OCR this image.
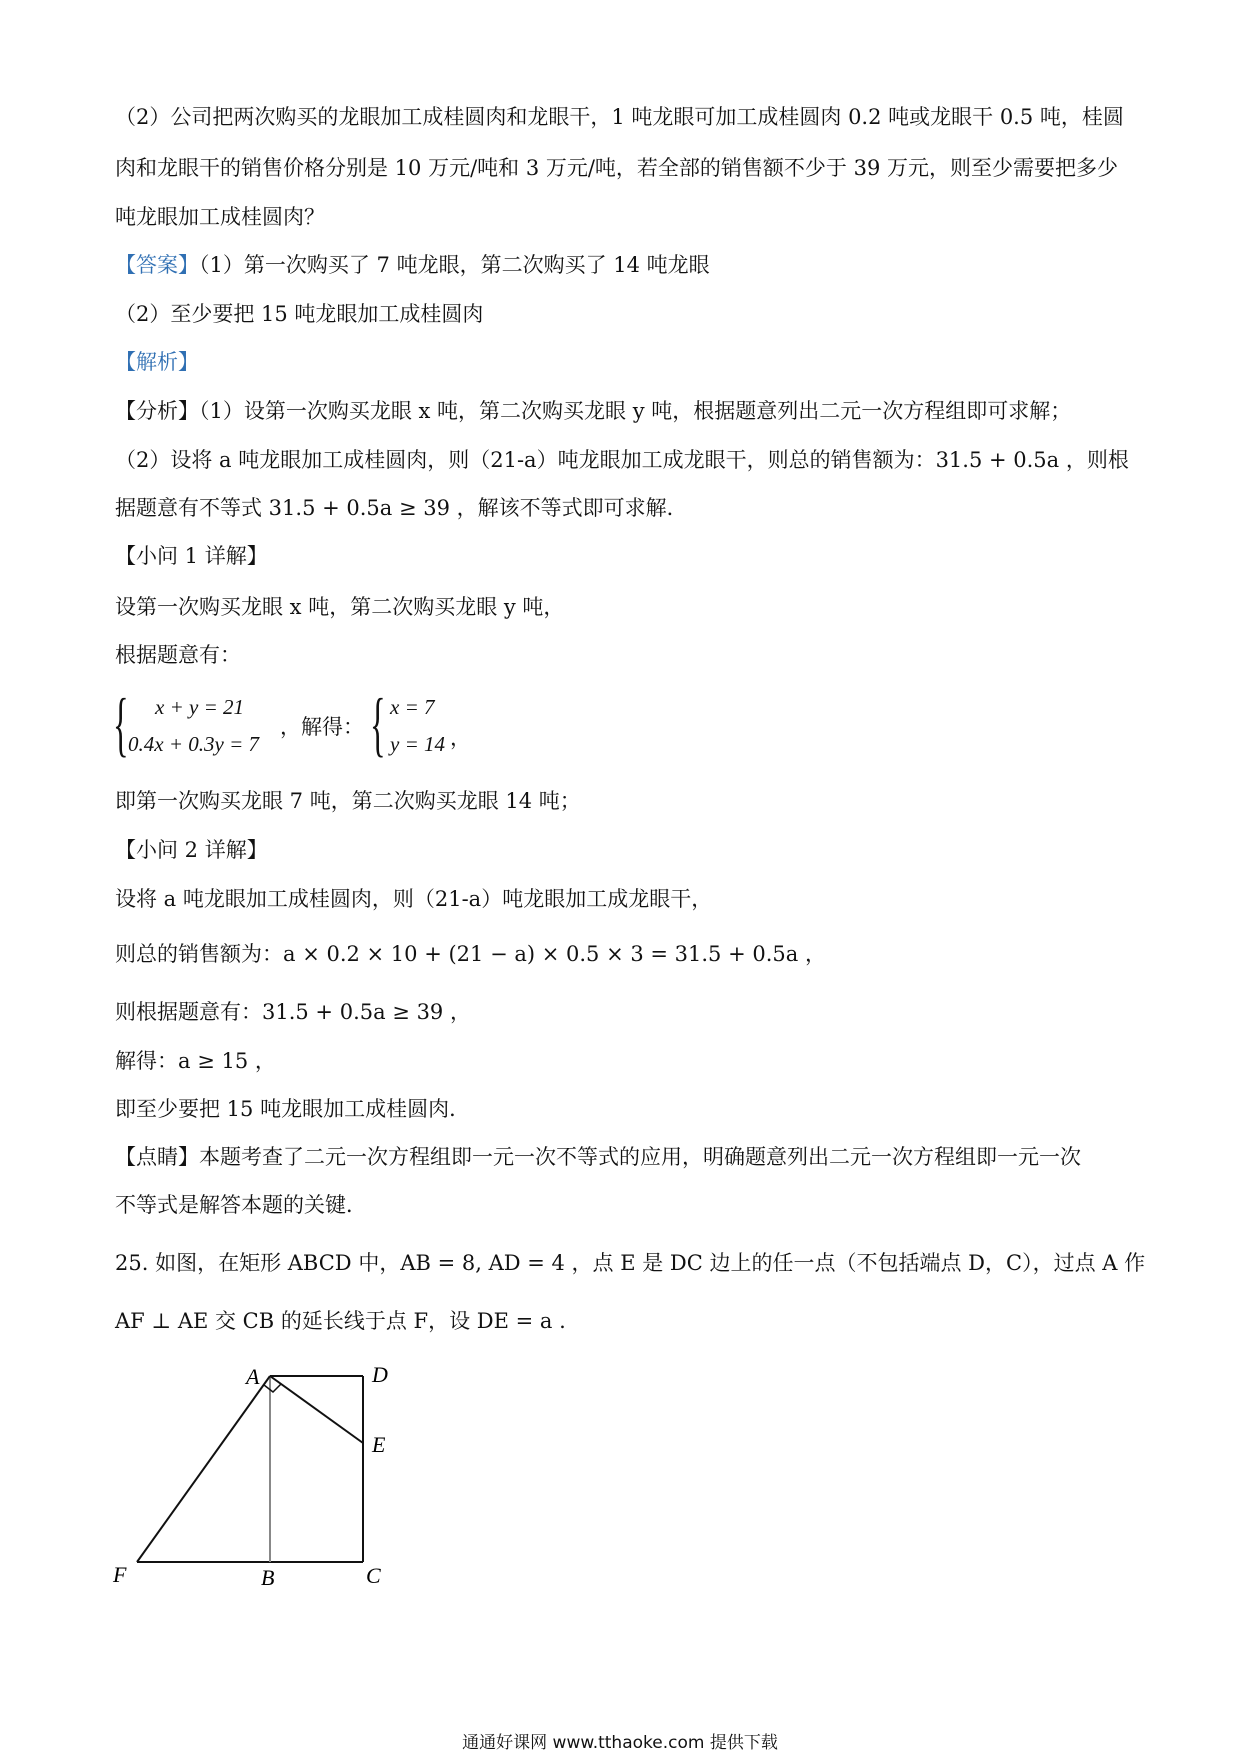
（2）公司把两次购买的龙眼加工成桂圆肉和龙眼干，1 吨龙眼可加工成桂圆肉 0.2 吨或龙眼干 0.5 吨，桂圆
肉和龙眼干的销售价格分别是 10 万元/吨和 3 万元/吨，若全部的销售额不少于 39 万元，则至少需要把多少
吨龙眼加工成桂圆肉？
【答案】（1）第一次购买了 7 吨龙眼，第二次购买了 14 吨龙眼
（2）至少要把 15 吨龙眼加工成桂圆肉
【解析】
【分析】（1）设第一次购买龙眼 x 吨，第二次购买龙眼 y 吨，根据题意列出二元一次方程组即可求解；
（2）设将 a 吨龙眼加工成桂圆肉，则（21-a）吨龙眼加工成龙眼干，则总的销售额为：31.5 + 0.5a ，则根
据题意有不等式 31.5 + 0.5a ≥ 39 ，解该不等式即可求解．
【小问 1 详解】
设第一次购买龙眼 x 吨，第二次购买龙眼 y 吨，
根据题意有：
{ x + y = 21
0.4x + 0.3y = 7
，解得： { x = 7
y = 14 ，
即第一次购买龙眼 7 吨，第二次购买龙眼 14 吨；
【小问 2 详解】
设将 a 吨龙眼加工成桂圆肉，则（21-a）吨龙眼加工成龙眼干，
则总的销售额为：a × 0.2 × 10 + (21 − a) × 0.5 × 3 = 31.5 + 0.5a ，
则根据题意有：31.5 + 0.5a ≥ 39 ，
解得：a ≥ 15 ，
即至少要把 15 吨龙眼加工成桂圆肉．
【点睛】本题考查了二元一次方程组即一元一次不等式的应用，明确题意列出二元一次方程组即一元一次
不等式是解答本题的关键．
25. 如图，在矩形 ABCD 中，AB = 8, AD = 4 ，点 E 是 DC 边上的任一点（不包括端点 D，C），过点 A 作
AF ⊥ AE 交 CB 的延长线于点 F，设 DE = a .
A	D
E
F	B	C
通通好课网 www.tthaoke.com 提供下载
